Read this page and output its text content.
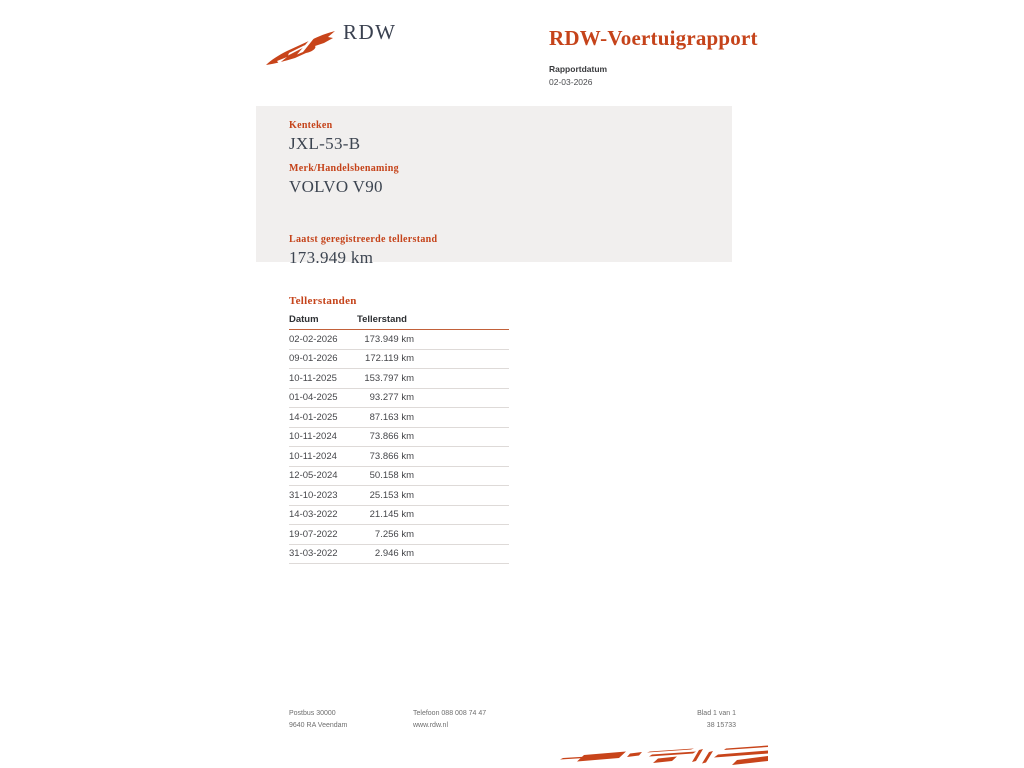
RDW	RDW-Voertuigrapport
Rapportdatum
02-03-2026
Kenteken
JXL-53-B
Merk/Handelsbenaming
VOLVO V90
Laatst geregistreerde tellerstand
173.949 km
Tellerstanden
Datum	Tellerstand
02-02-2026	173.949 km
09-01-2026	172.119 km
10-11-2025	153.797 km
01-04-2025	93.277 km
14-01-2025	87.163 km
10-11-2024	73.866 km
10-11-2024	73.866 km
12-05-2024	50.158 km
31-10-2023	25.153 km
14-03-2022	21.145 km
19-07-2022	7.256 km
31-03-2022	2.946 km
Postbus 30000
9640 RA Veendam
Telefoon 088 008 74 47
www.rdw.nl
Blad 1 van 1
38 15733
